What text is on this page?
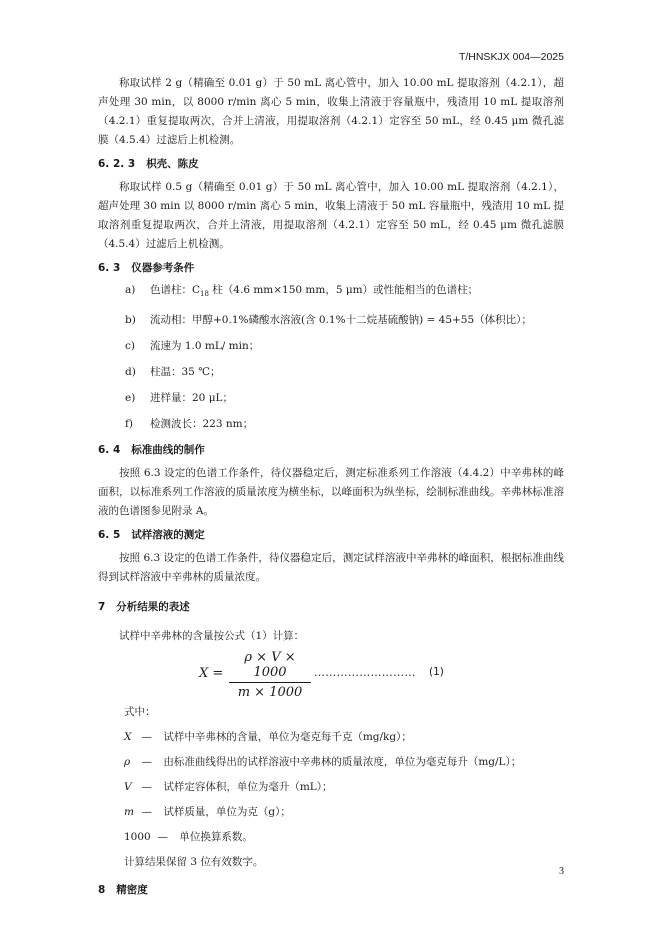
T/HNSKJX 004—2025

称取试样 2 g（精确至 0.01 g）于 50 mL 离心管中，加入 10.00 mL 提取溶剂（4.2.1），超声处理 30 min，以 8000 r/min 离心 5 min，收集上清液于容量瓶中，残渣用 10 mL 提取溶剂（4.2.1）重复提取两次，合并上清液，用提取溶剂（4.2.1）定容至 50 mL，经 0.45 μm 微孔滤膜（4.5.4）过滤后上机检测。

6. 2. 3   枳壳、陈皮

称取试样 0.5 g（精确至 0.01 g）于 50 mL 离心管中，加入 10.00 mL 提取溶剂（4.2.1），超声处理 30 min 以 8000 r/min 离心 5 min，收集上清液于 50 mL 容量瓶中，残渣用 10 mL 提取溶剂重复提取两次，合并上清液，用提取溶剂（4.2.1）定容至 50 mL，经 0.45 μm 微孔滤膜（4.5.4）过滤后上机检测。

6. 3   仪器参考条件
a) 色谱柱：$C_{18}$ 柱（4.6 mm×150 mm，5 μm）或性能相当的色谱柱；
b) 流动相：甲醇+0.1%磷酸水溶液(含 0.1%十二烷基硫酸钠) = 45+55（体积比）；
c) 流速为 1.0 mL/ min；
d) 柱温：35 ℃；
e) 进样量：20 μL；
f) 检测波长：223 nm；
6. 4   标准曲线的制作

按照 6.3 设定的色谱工作条件，待仪器稳定后，测定标准系列工作溶液（4.4.2）中辛弗林的峰面积，以标准系列工作溶液的质量浓度为横坐标，以峰面积为纵坐标，绘制标准曲线。辛弗林标准溶液的色谱图参见附录 A。

6. 5   试样溶液的测定

按照 6.3 设定的色谱工作条件，待仪器稳定后，测定试样溶液中辛弗林的峰面积，根据标准曲线得到试样溶液中辛弗林的质量浓度。

7   分析结果的表述

试样中辛弗林的含量按公式（1）计算：

$X = \frac{\rho \times V \times 1000}{m \times 1000}$ ……………………… (1)
式中：
X — 试样中辛弗林的含量，单位为毫克每千克（mg/kg）；
ρ — 由标准曲线得出的试样溶液中辛弗林的质量浓度，单位为毫克每升（mg/L）；
V — 试样定容体积，单位为毫升（mL）；
m — 试样质量，单位为克（g）；
1000 — 单位换算系数。
计算结果保留 3 位有效数字。
8   精密度
3
